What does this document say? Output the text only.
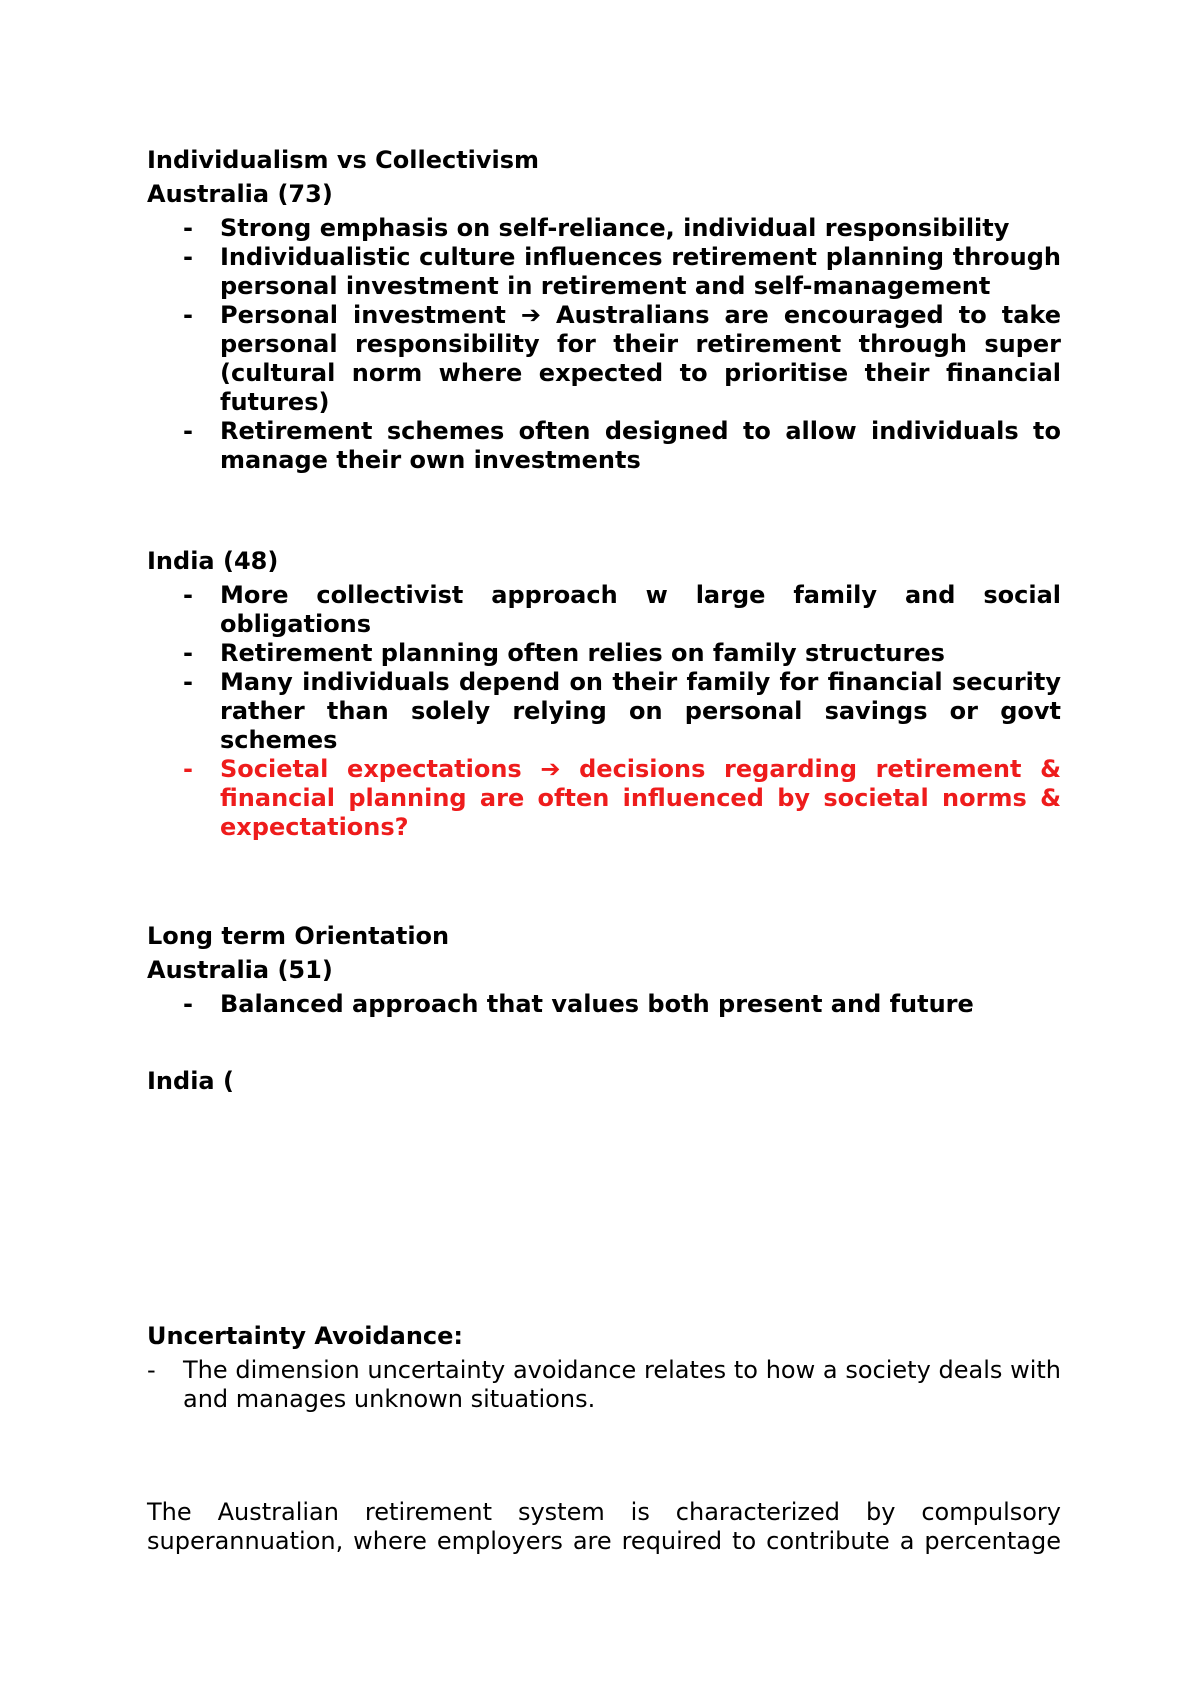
Individualism vs Collectivism

Australia (73)

- Strong emphasis on self-reliance, individual responsibility
- Individualistic culture influences retirement planning through personal investment in retirement and self-management
- Personal investment ➔ Australians are encouraged to take personal responsibility for their retirement through super (cultural norm where expected to prioritise their financial futures)
- Retirement schemes often designed to allow individuals to manage their own investments

India (48)

- More collectivist approach w large family and social obligations
- Retirement planning often relies on family structures
- Many individuals depend on their family for financial security rather than solely relying on personal savings or govt schemes
- Societal expectations ➔ decisions regarding retirement & financial planning are often influenced by societal norms & expectations?

Long term Orientation

Australia (51)

- Balanced approach that values both present and future

India (

Uncertainty Avoidance:

- The dimension uncertainty avoidance relates to how a society deals with and manages unknown situations.

The Australian retirement system is characterized by compulsory

superannuation, where employers are required to contribute a percentage
